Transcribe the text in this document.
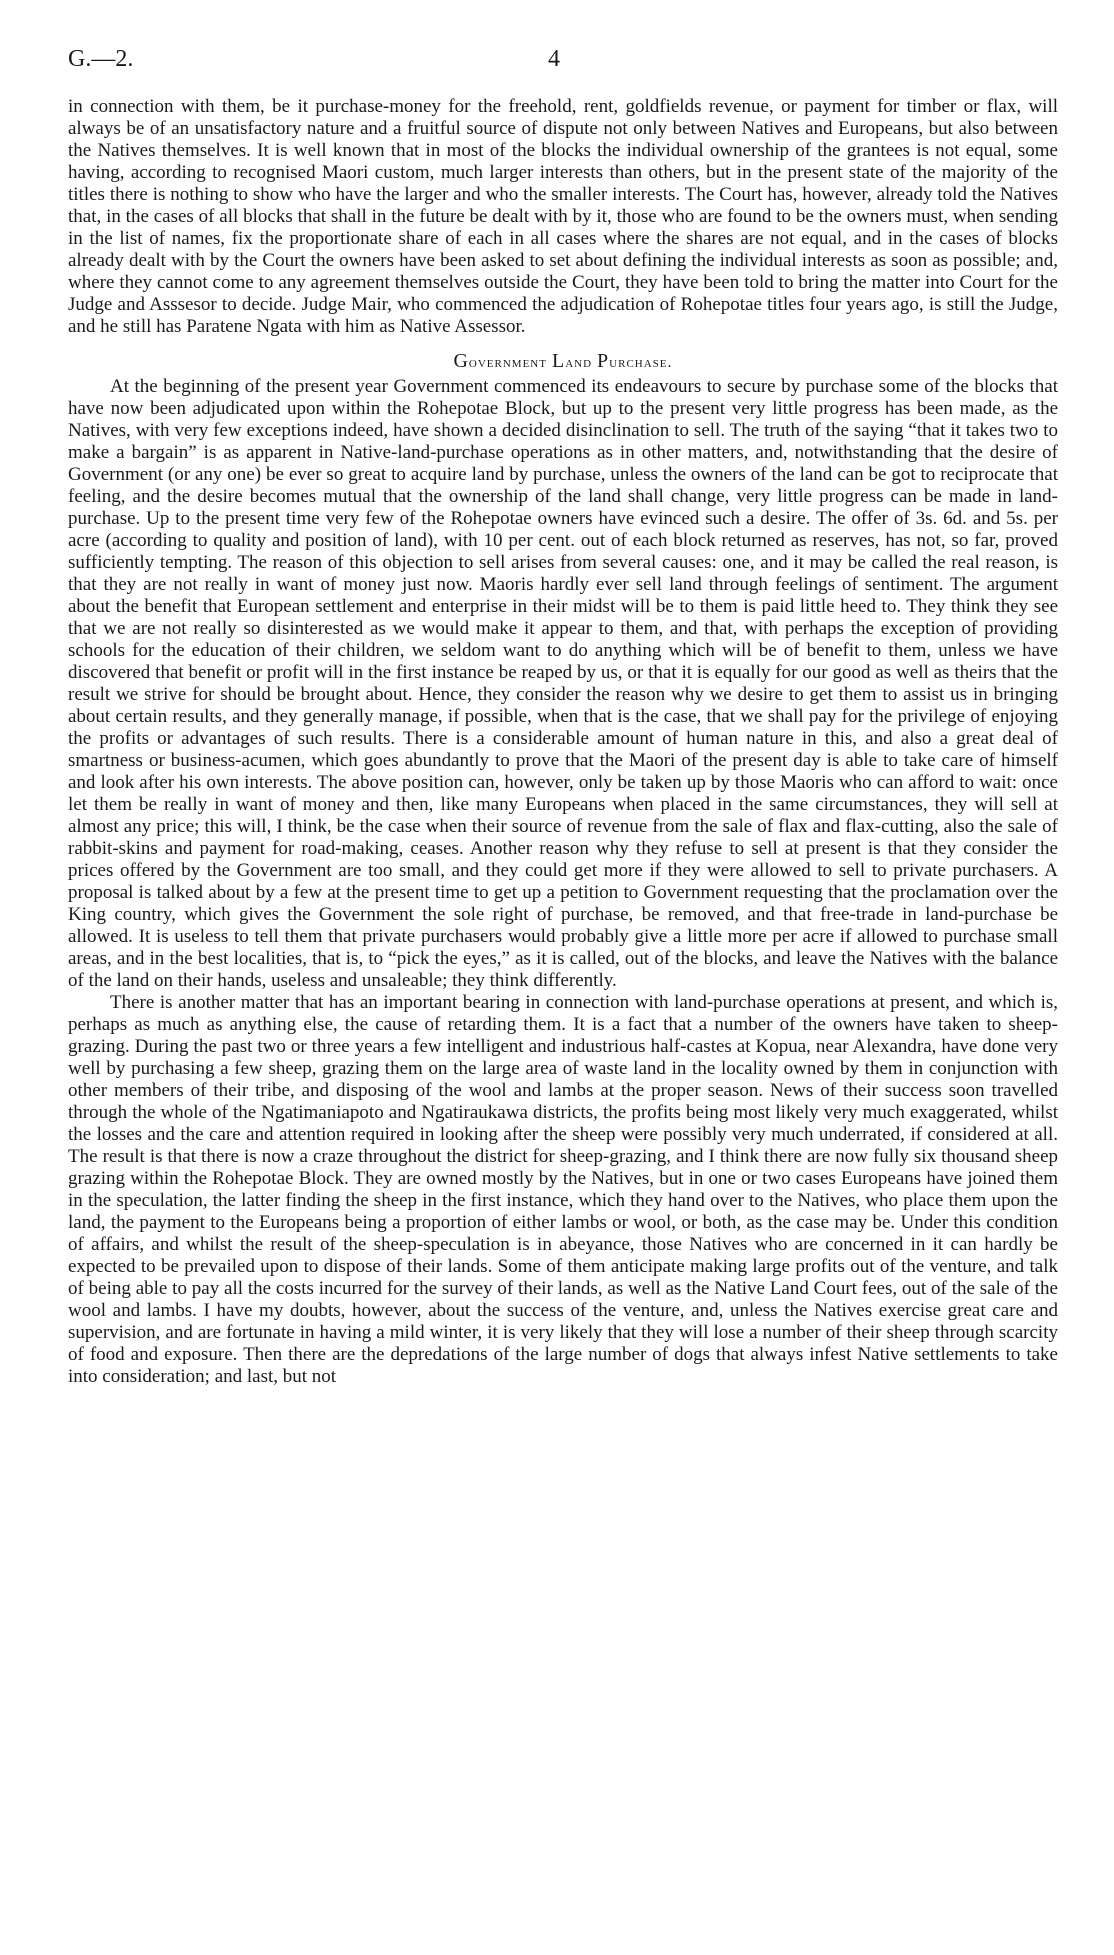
G.—2.	4

in connection with them, be it purchase-money for the freehold, rent, goldfields revenue, or payment for timber or flax, will always be of an unsatisfactory nature and a fruitful source of dispute not only between Natives and Europeans, but also between the Natives themselves. It is well known that in most of the blocks the individual ownership of the grantees is not equal, some having, according to recognised Maori custom, much larger interests than others, but in the present state of the majority of the titles there is nothing to show who have the larger and who the smaller interests. The Court has, however, already told the Natives that, in the cases of all blocks that shall in the future be dealt with by it, those who are found to be the owners must, when sending in the list of names, fix the proportionate share of each in all cases where the shares are not equal, and in the cases of blocks already dealt with by the Court the owners have been asked to set about defining the individual interests as soon as possible; and, where they cannot come to any agreement themselves outside the Court, they have been told to bring the matter into Court for the Judge and Asssesor to decide. Judge Mair, who commenced the adjudication of Rohepotae titles four years ago, is still the Judge, and he still has Paratene Ngata with him as Native Assessor.

Government Land Purchase.

At the beginning of the present year Government commenced its endeavours to secure by purchase some of the blocks that have now been adjudicated upon within the Rohepotae Block, but up to the present very little progress has been made, as the Natives, with very few exceptions indeed, have shown a decided disinclination to sell. The truth of the saying “that it takes two to make a bargain” is as apparent in Native-land-purchase operations as in other matters, and, notwithstanding that the desire of Government (or any one) be ever so great to acquire land by purchase, unless the owners of the land can be got to reciprocate that feeling, and the desire becomes mutual that the ownership of the land shall change, very little progress can be made in land-purchase. Up to the present time very few of the Rohepotae owners have evinced such a desire. The offer of 3s. 6d. and 5s. per acre (according to quality and position of land), with 10 per cent. out of each block returned as reserves, has not, so far, proved sufficiently tempting. The reason of this objection to sell arises from several causes: one, and it may be called the real reason, is that they are not really in want of money just now. Maoris hardly ever sell land through feelings of sentiment. The argument about the benefit that European settlement and enterprise in their midst will be to them is paid little heed to. They think they see that we are not really so disinterested as we would make it appear to them, and that, with perhaps the exception of providing schools for the education of their children, we seldom want to do anything which will be of benefit to them, unless we have discovered that benefit or profit will in the first instance be reaped by us, or that it is equally for our good as well as theirs that the result we strive for should be brought about. Hence, they consider the reason why we desire to get them to assist us in bringing about certain results, and they generally manage, if possible, when that is the case, that we shall pay for the privilege of enjoying the profits or advantages of such results. There is a considerable amount of human nature in this, and also a great deal of smartness or business-acumen, which goes abundantly to prove that the Maori of the present day is able to take care of himself and look after his own interests. The above position can, however, only be taken up by those Maoris who can afford to wait: once let them be really in want of money and then, like many Europeans when placed in the same circumstances, they will sell at almost any price; this will, I think, be the case when their source of revenue from the sale of flax and flax-cutting, also the sale of rabbit-skins and payment for road-making, ceases. Another reason why they refuse to sell at present is that they consider the prices offered by the Government are too small, and they could get more if they were allowed to sell to private purchasers. A proposal is talked about by a few at the present time to get up a petition to Government requesting that the proclamation over the King country, which gives the Government the sole right of purchase, be removed, and that free-trade in land-purchase be allowed. It is useless to tell them that private purchasers would probably give a little more per acre if allowed to purchase small areas, and in the best localities, that is, to “pick the eyes,” as it is called, out of the blocks, and leave the Natives with the balance of the land on their hands, useless and unsaleable; they think differently.

There is another matter that has an important bearing in connection with land-purchase operations at present, and which is, perhaps as much as anything else, the cause of retarding them. It is a fact that a number of the owners have taken to sheep-grazing. During the past two or three years a few intelligent and industrious half-castes at Kopua, near Alexandra, have done very well by purchasing a few sheep, grazing them on the large area of waste land in the locality owned by them in conjunction with other members of their tribe, and disposing of the wool and lambs at the proper season. News of their success soon travelled through the whole of the Ngatimaniapoto and Ngatiraukawa districts, the profits being most likely very much exaggerated, whilst the losses and the care and attention required in looking after the sheep were possibly very much underrated, if considered at all. The result is that there is now a craze throughout the district for sheep-grazing, and I think there are now fully six thousand sheep grazing within the Rohepotae Block. They are owned mostly by the Natives, but in one or two cases Europeans have joined them in the speculation, the latter finding the sheep in the first instance, which they hand over to the Natives, who place them upon the land, the payment to the Europeans being a proportion of either lambs or wool, or both, as the case may be. Under this condition of affairs, and whilst the result of the sheep-speculation is in abeyance, those Natives who are concerned in it can hardly be expected to be prevailed upon to dispose of their lands. Some of them anticipate making large profits out of the venture, and talk of being able to pay all the costs incurred for the survey of their lands, as well as the Native Land Court fees, out of the sale of the wool and lambs. I have my doubts, however, about the success of the venture, and, unless the Natives exercise great care and supervision, and are fortunate in having a mild winter, it is very likely that they will lose a number of their sheep through scarcity of food and exposure. Then there are the depredations of the large number of dogs that always infest Native settlements to take into consideration; and last, but not
